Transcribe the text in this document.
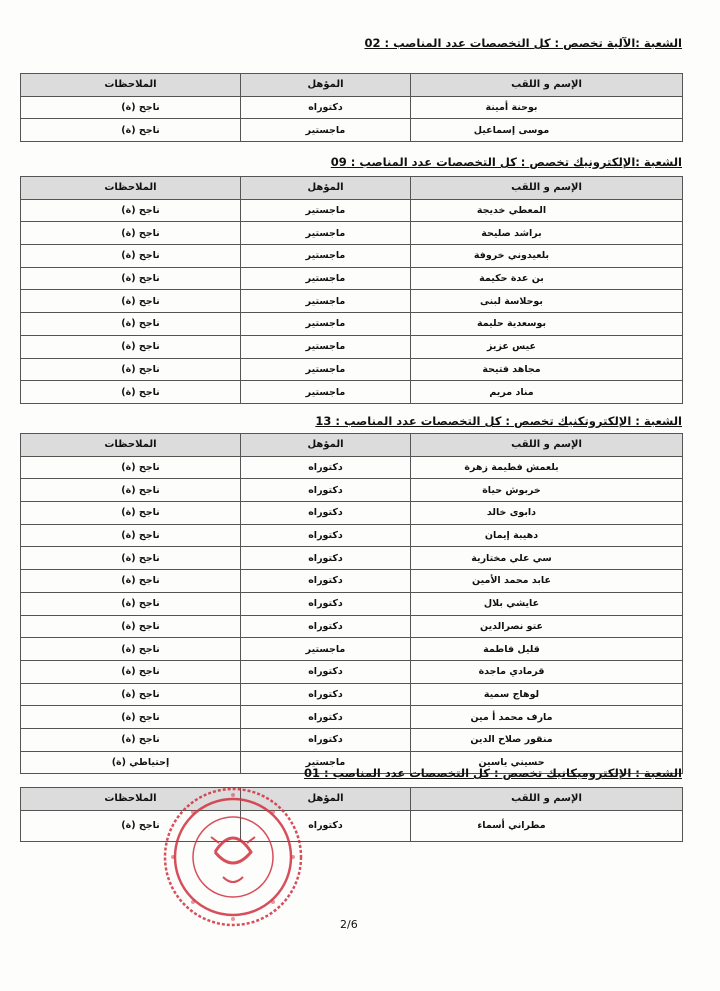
الشعبة :الآلية تخصص : كل التخصصات عدد المناصب : 02
الإسم و اللقب	المؤهل	الملاحظات
بوحنة أمينة	دكتوراه	ناجح (ة)
موسى إسماعيل	ماجستير	ناجح (ة)
الشعبة :الإلكترونيك تخصص : كل التخصصات عدد المناصب : 09
الإسم و اللقب	المؤهل	الملاحظات
المعطي خديجة	ماجستير	ناجح (ة)
براشد صليحة	ماجستير	ناجح (ة)
بلعيدوني خروفة	ماجستير	ناجح (ة)
بن عدة حكيمة	ماجستير	ناجح (ة)
بوحلاسة لبنى	ماجستير	ناجح (ة)
بوسعدية حليمة	ماجستير	ناجح (ة)
عيس عزيز	ماجستير	ناجح (ة)
مجاهد فتيحة	ماجستير	ناجح (ة)
مناد مريم	ماجستير	ناجح (ة)
الشعبة : الإلكتروتكنيك تخصص : كل التخصصات عدد المناصب : 13
الإسم و اللقب	المؤهل	الملاحظات
بلعمش فطيمة زهرة	دكتوراه	ناجح (ة)
خربوش حياة	دكتوراه	ناجح (ة)
دابوى خالد	دكتوراه	ناجح (ة)
دهيبة إيمان	دكتوراه	ناجح (ة)
سي علي مختارية	دكتوراه	ناجح (ة)
عابد محمد الأمين	دكتوراه	ناجح (ة)
عايشي بلال	دكتوراه	ناجح (ة)
عتو نصرالدين	دكتوراه	ناجح (ة)
قليل فاطمة	ماجستير	ناجح (ة)
قرمادي ماجدة	دكتوراه	ناجح (ة)
لوهاج سمية	دكتوراه	ناجح (ة)
مارف محمد أ مين	دكتوراه	ناجح (ة)
منقور صلاح الدين	دكتوراه	ناجح (ة)
حسيني ياسين	ماجستير	إحتياطي (ة)
الشعبة : الإلكتروميكانيك تخصص : كل التخصصات عدد المناصب : 01
الإسم و اللقب	المؤهل	الملاحظات
مطراني أسماء	دكتوراه	ناجح (ة)
2/6
